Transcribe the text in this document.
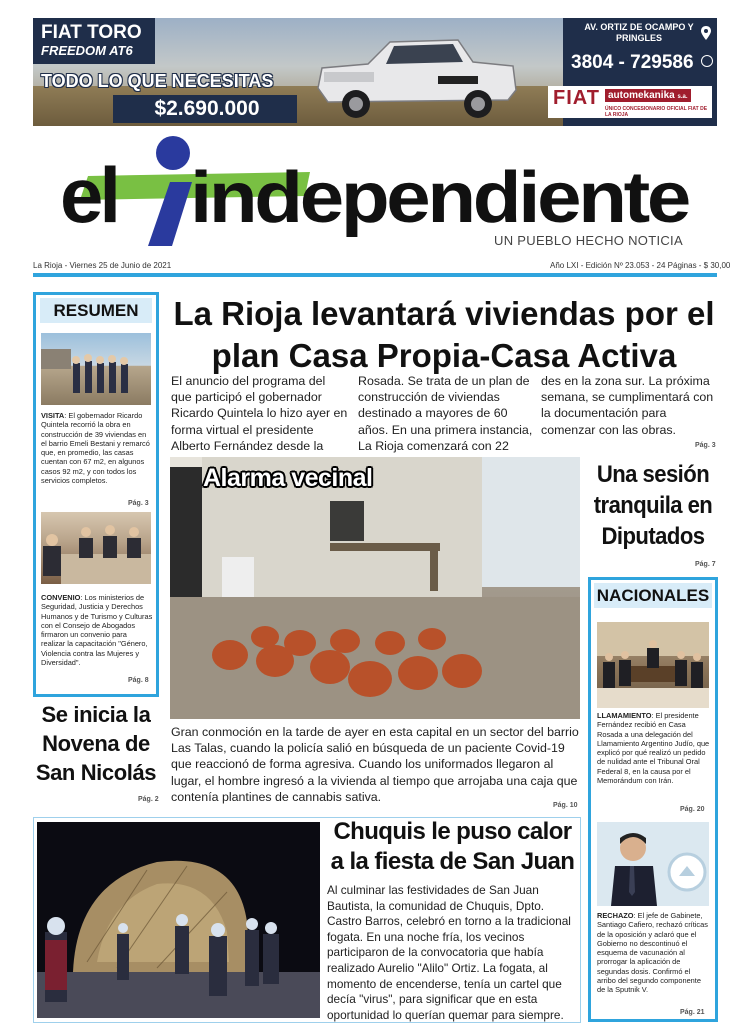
FIAT TORO
FREEDOM AT6
TODO LO QUE NECESITAS
$2.690.000
AV. ORTIZ DE OCAMPO Y PRINGLES
3804 - 729586
FIAT automekanika s.a.
ÚNICO CONCESIONARIO OFICIAL FIAT DE LA RIOJA
el independiente
UN PUEBLO HECHO NOTICIA
La Rioja - Viernes 25 de Junio de 2021	Año LXI - Edición Nº 23.053 - 24 Páginas - $ 30,00
RESUMEN
VISITA: El gobernador Ricardo Quintela recorrió la obra en construcción de 39 viviendas en el barrio Emeli Bestani y remarcó que, en promedio, las casas cuentan con 67 m2, en algunos casos 92 m2, y con todos los servicios completos.
Pág. 3
CONVENIO: Los ministerios de Seguridad, Justicia y Derechos Humanos y de Turismo y Culturas con el Consejo de Abogados firmaron un convenio para realizar la capacitación "Género, Violencia contra las Mujeres y Diversidad".
Pág. 8
La Rioja levantará viviendas por el plan Casa Propia-Casa Activa
El anuncio del programa del que participó el gobernador Ricardo Quintela lo hizo ayer en forma virtual el presidente Alberto Fernández desde la
Rosada. Se trata de un plan de construcción de viviendas destinado a mayores de 60 años. En una primera instancia, La Rioja comenzará con 22
des en la zona sur. La próxima semana, se cumplimentará con la documentación para comenzar con las obras.
Pág. 3
Alarma vecinal
Gran conmoción en la tarde de ayer en esta capital en un sector del barrio Las Talas, cuando la policía salió en búsqueda de un paciente Covid-19 que reaccionó de forma agresiva. Cuando los uniformados llegaron al lugar, el hombre ingresó a la vivienda al tiempo que arrojaba una caja que contenía plantines de cannabis sativa.
Pág. 10
Una sesión tranquila en Diputados
Pág. 7
NACIONALES
LLAMAMIENTO: El presidente Fernández recibió en Casa Rosada a una delegación del Llamamiento Argentino Judío, que explicó por qué realizó un pedido de nulidad ante el Tribunal Oral Federal 8, en la causa por el Memorándum con Irán.
Pág. 20
RECHAZO: El jefe de Gabinete, Santiago Cafiero, rechazó críticas de la oposición y aclaró que el Gobierno no descontinuó el esquema de vacunación al prorrogar la aplicación de segundas dosis. Confirmó el arribo del segundo componente de la Sputnik V.
Pág. 21
Se inicia la Novena de San Nicolás
Pág. 2
Chuquis le puso calor a la fiesta de San Juan
Al culminar las festividades de San Juan Bautista, la comunidad de Chuquis, Dpto. Castro Barros, celebró en torno a la tradicional fogata. En una noche fría, los vecinos participaron de la convocatoria que había realizado Aurelio "Alilo" Ortiz. La fogata, al momento de encenderse, tenía un cartel que decía "virus", para significar que en esta oportunidad lo querían quemar para siempre.
